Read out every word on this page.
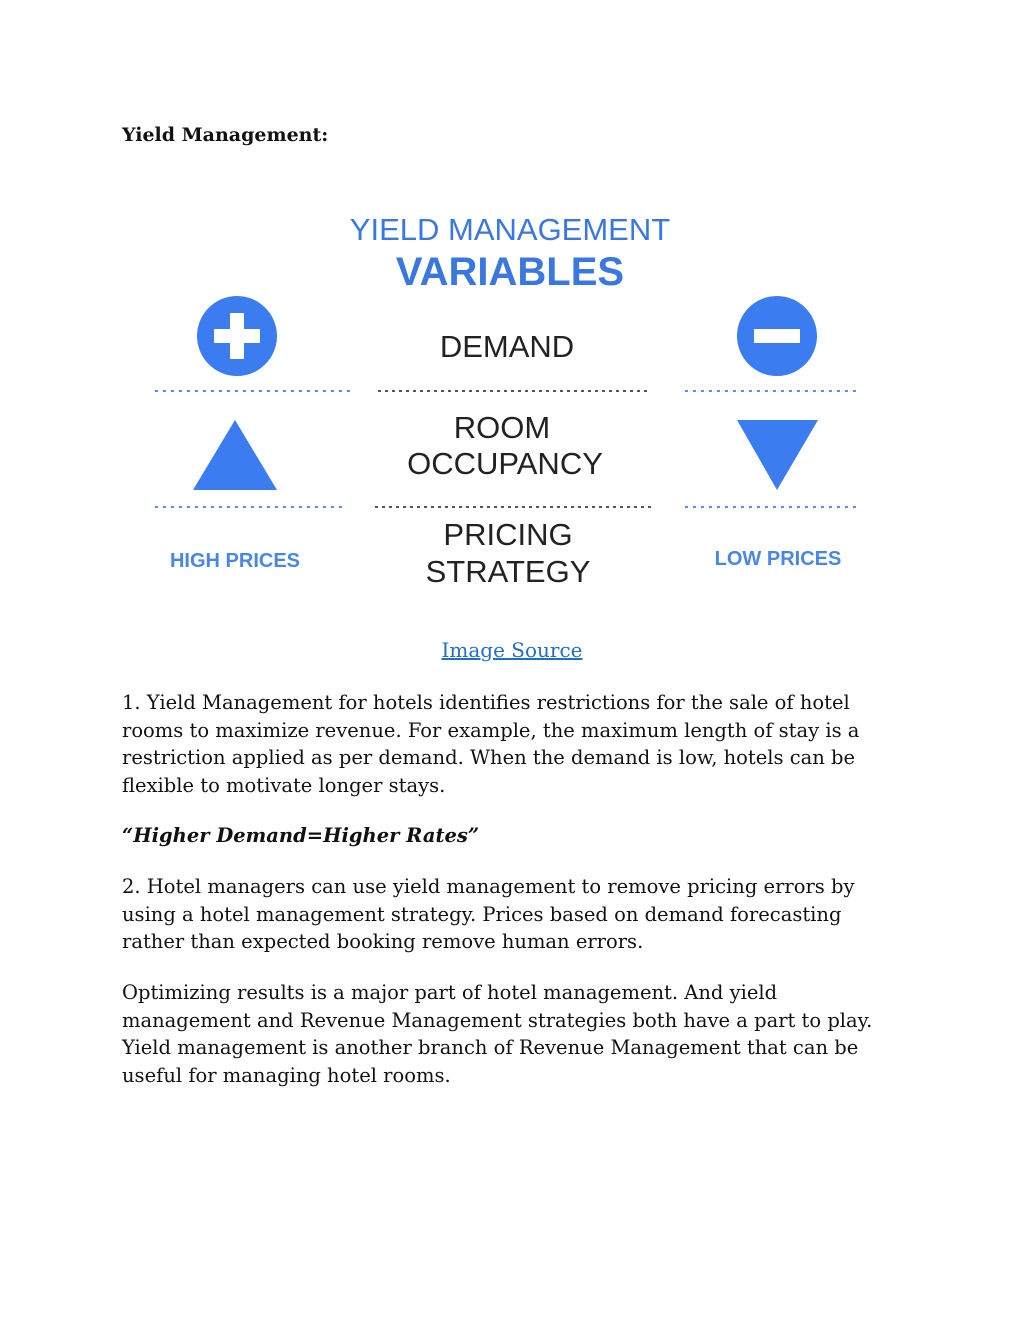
Yield Management:
YIELD MANAGEMENT
VARIABLES
DEMAND
ROOM
OCCUPANCY
HIGH PRICES	LOW PRICES
PRICING
STRATEGY
Image Source

1. Yield Management for hotels identifies restrictions for the sale of hotel rooms to maximize revenue. For example, the maximum length of stay is a restriction applied as per demand. When the demand is low, hotels can be flexible to motivate longer stays.

“Higher Demand=Higher Rates”

2. Hotel managers can use yield management to remove pricing errors by using a hotel management strategy. Prices based on demand forecasting rather than expected booking remove human errors.

Optimizing results is a major part of hotel management. And yield management and Revenue Management strategies both have a part to play. Yield management is another branch of Revenue Management that can be useful for managing hotel rooms.
